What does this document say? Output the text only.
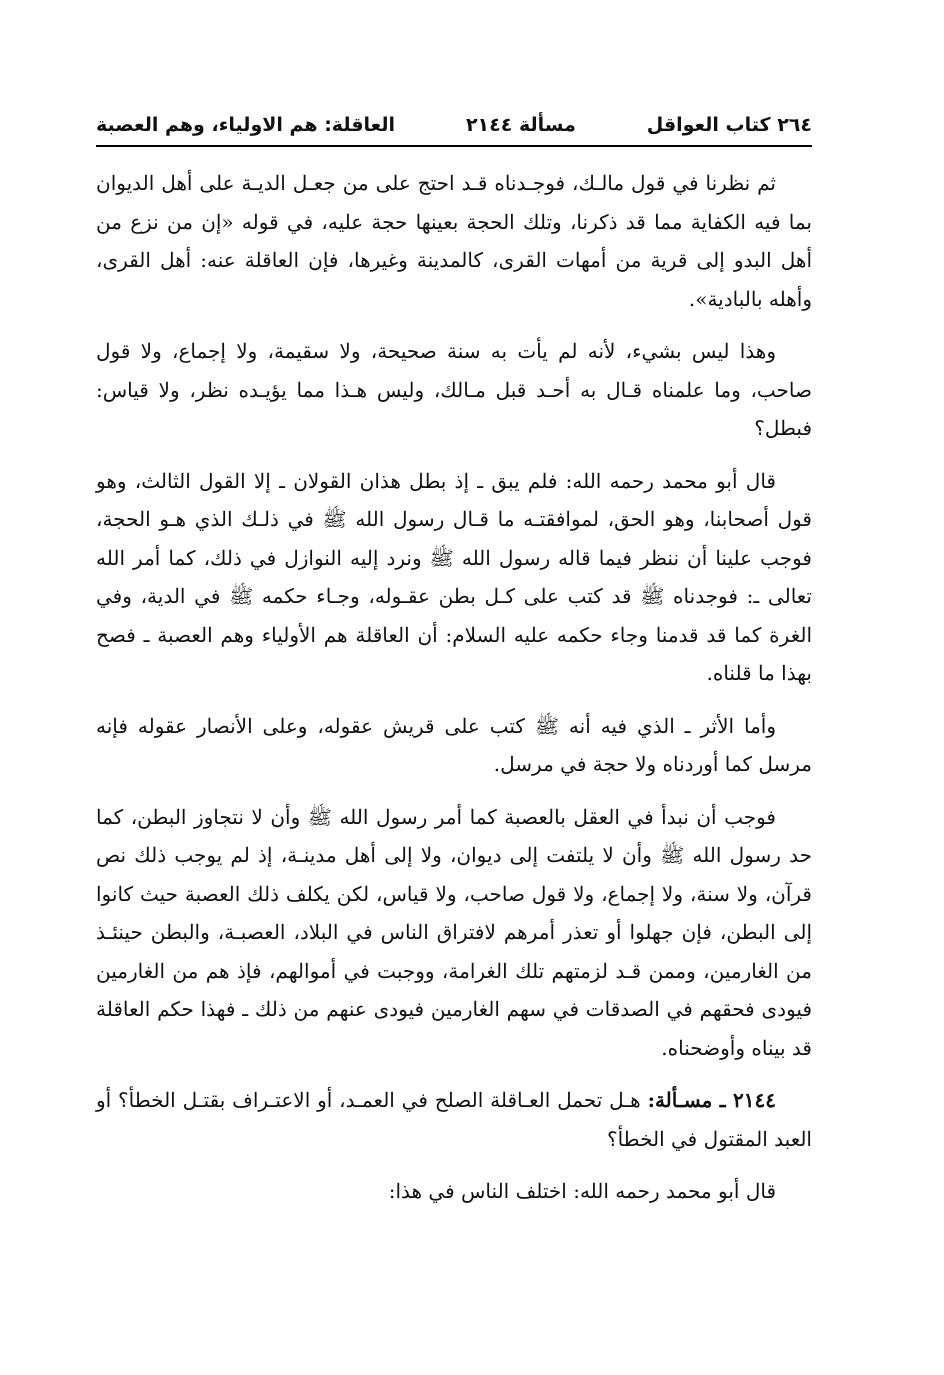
٢٦٤ كتاب العواقل
مسألة ٢١٤٤
العاقلة: هم الاولياء، وهم العصبة

ثم نظرنا في قول مالـك، فوجـدناه قـد احتج على من جعـل الديـة على أهل الديوان بما فيه الكفاية مما قد ذكرنا، وتلك الحجة بعينها حجة عليه، في قوله «إن من نزع من أهل البدو إلى قرية من أمهات القرى، كالمدينة وغيرها، فإن العاقلة عنه: أهل القرى، وأهله بالبادية».

وهذا ليس بشيء، لأنه لم يأت به سنة صحيحة، ولا سقيمة، ولا إجماع، ولا قول صاحب، وما علمناه قـال به أحـد قبل مـالك، وليس هـذا مما يؤيـده نظر، ولا قياس: فبطل؟

قال أبو محمد رحمه الله: فلم يبق ـ إذ بطل هذان القولان ـ إلا القول الثالث، وهو قول أصحابنا، وهو الحق، لموافقتـه ما قـال رسول الله ﷺ في ذلـك الذي هـو الحجة، فوجب علينا أن ننظر فيما قاله رسول الله ﷺ ونرد إليه النوازل في ذلك، كما أمر الله تعالى ـ: فوجدناه ﷺ قد كتب على كـل بطن عقـوله، وجـاء حكمه ﷺ في الدية، وفي الغرة كما قد قدمنا وجاء حكمه عليه السلام: أن العاقلة هم الأولياء وهم العصبة ـ فصح بهذا ما قلناه.

وأما الأثر ـ الذي فيه أنه ﷺ كتب على قريش عقوله، وعلى الأنصار عقوله فإنه مرسل كما أوردناه ولا حجة في مرسل.

فوجب أن نبدأ في العقل بالعصبة كما أمر رسول الله ﷺ وأن لا نتجاوز البطن، كما حد رسول الله ﷺ وأن لا يلتفت إلى ديوان، ولا إلى أهل مدينـة، إذ لم يوجب ذلك نص قرآن، ولا سنة، ولا إجماع، ولا قول صاحب، ولا قياس، لكن يكلف ذلك العصبة حيث كانوا إلى البطن، فإن جهلوا أو تعذر أمرهم لافتراق الناس في البلاد، العصبـة، والبطن حينئـذ من الغارمين، وممن قـد لزمتهم تلك الغرامة، ووجبت في أموالهم، فإذ هم من الغارمين فيودى فحقهم في الصدقات في سهم الغارمين فيودى عنهم من ذلك ـ فهذا حكم العاقلة قد بيناه وأوضحناه.

٢١٤٤ ـ مسـألة: هـل تحمل العـاقلة الصلح في العمـد، أو الاعتـراف بقتـل الخطأ؟ أو العبد المقتول في الخطأ؟

قال أبو محمد رحمه الله: اختلف الناس في هذا:
